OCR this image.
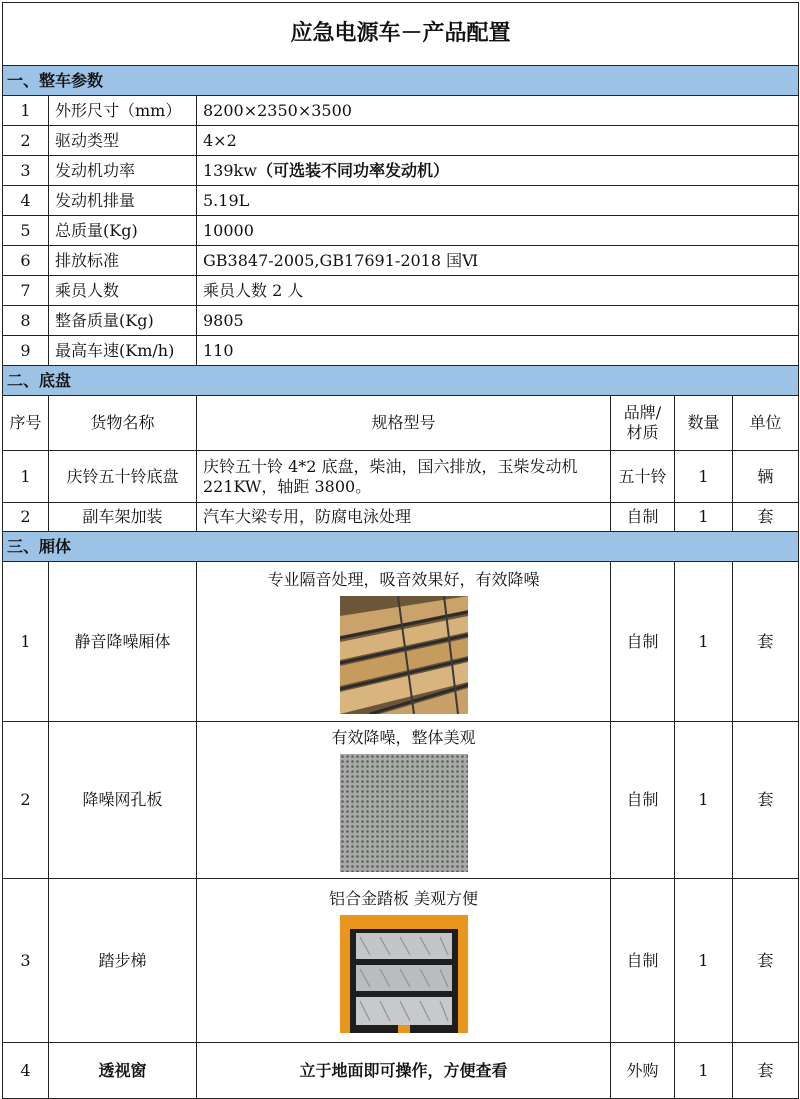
应急电源车－产品配置					
一、整车参数					
1	外形尺寸（mm）	8200×2350×3500			
2	驱动类型	4×2			
3	发动机功率	139kw（可选装不同功率发动机）			
4	发动机排量	5.19L			
5	总质量(Kg)	10000			
6	排放标准	GB3847-2005,GB17691-2018 国Ⅵ			
7	乘员人数	乘员人数 2 人			
8	整备质量(Kg)	9805			
9	最高车速(Km/h)	110			
二、底盘					
序号	货物名称	规格型号	品牌/材质	数量	单位
1	庆铃五十铃底盘	庆铃五十铃 4*2 底盘，柴油，国六排放，玉柴发动机 221KW，轴距 3800。	五十铃	1	辆
2	副车架加装	汽车大梁专用，防腐电泳处理	自制	1	套
三、厢体					
1	静音降噪厢体	专业隔音处理，吸音效果好，有效降噪	自制	1	套
2	降噪网孔板	有效降噪，整体美观	自制	1	套
3	踏步梯	铝合金踏板 美观方便	自制	1	套
4	透视窗	立于地面即可操作，方便查看	外购	1	套
